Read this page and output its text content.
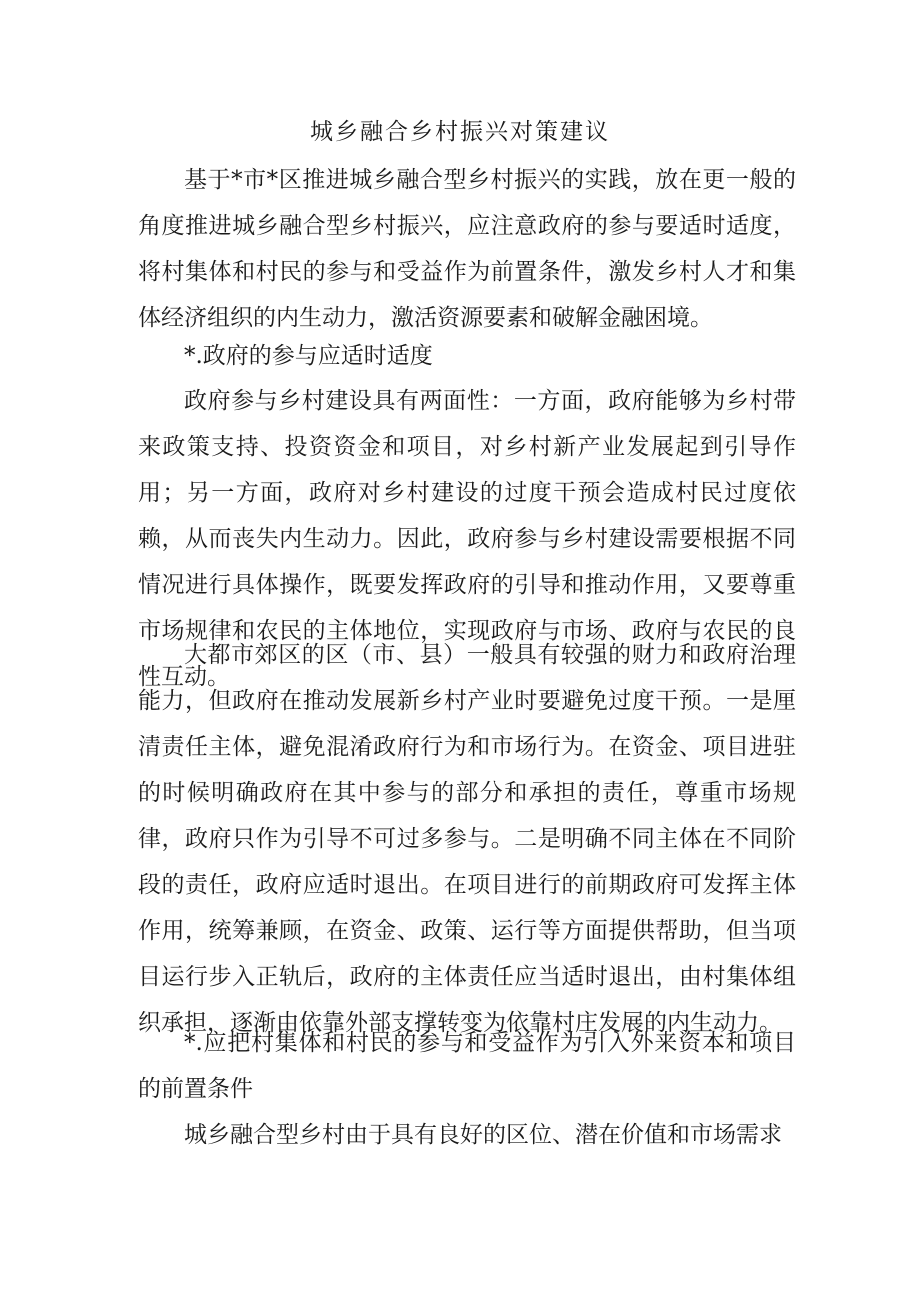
城乡融合乡村振兴对策建议

基于*市*区推进城乡融合型乡村振兴的实践，放在更一般的角度推进城乡融合型乡村振兴，应注意政府的参与要适时适度，将村集体和村民的参与和受益作为前置条件，激发乡村人才和集体经济组织的内生动力，激活资源要素和破解金融困境。

*.政府的参与应适时适度

政府参与乡村建设具有两面性：一方面，政府能够为乡村带来政策支持、投资资金和项目，对乡村新产业发展起到引导作用；另一方面，政府对乡村建设的过度干预会造成村民过度依赖，从而丧失内生动力。因此，政府参与乡村建设需要根据不同情况进行具体操作，既要发挥政府的引导和推动作用，又要尊重市场规律和农民的主体地位，实现政府与市场、政府与农民的良性互动。

大都市郊区的区（市、县）一般具有较强的财力和政府治理能力，但政府在推动发展新乡村产业时要避免过度干预。一是厘清责任主体，避免混淆政府行为和市场行为。在资金、项目进驻的时候明确政府在其中参与的部分和承担的责任，尊重市场规律，政府只作为引导不可过多参与。二是明确不同主体在不同阶段的责任，政府应适时退出。在项目进行的前期政府可发挥主体作用，统筹兼顾，在资金、政策、运行等方面提供帮助，但当项目运行步入正轨后，政府的主体责任应当适时退出，由村集体组织承担，逐渐由依靠外部支撑转变为依靠村庄发展的内生动力。

*.应把村集体和村民的参与和受益作为引入外来资本和项目的前置条件

城乡融合型乡村由于具有良好的区位、潜在价值和市场需求
